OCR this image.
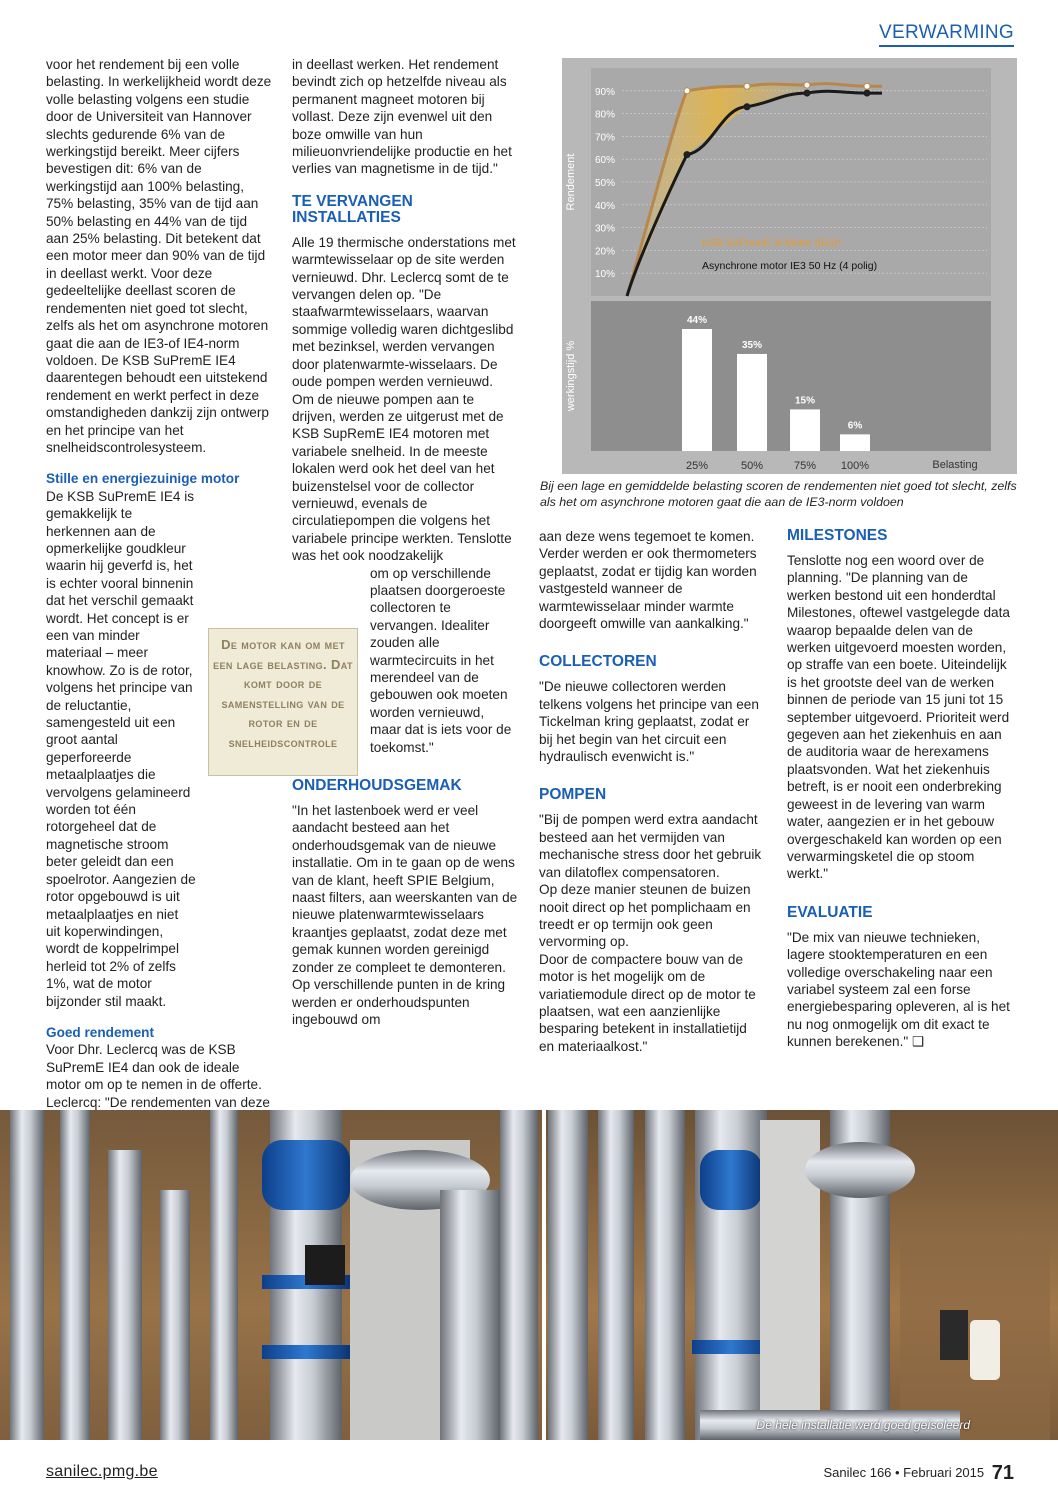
VERWARMING

voor het rendement bij een volle belasting. In werkelijkheid wordt deze volle belasting volgens een studie door de Universiteit van Hannover slechts gedurende 6% van de werkingstijd bereikt. Meer cijfers bevestigen dit: 6% van de werkingstijd aan 100% belasting, 75% belasting, 35% van de tijd aan 50% belasting en 44% van de tijd aan 25% belasting. Dit betekent dat een motor meer dan 90% van de tijd in deellast werkt. Voor deze gedeeltelijke deellast scoren de rendementen niet goed tot slecht, zelfs als het om asynchrone motoren gaat die aan de IE3-of IE4-norm voldoen. De KSB SuPremE IE4 daarentegen behoudt een uitstekend rendement en werkt perfect in deze omstandigheden dankzij zijn ontwerp en het principe van het snelheidscontrolesysteem.

Stille en energiezuinige motor

De KSB SuPremE IE4 is gemakkelijk te herkennen aan de opmerkelijke goudkleur waarin hij geverfd is, het is echter vooral binnenin dat het verschil gemaakt wordt. Het concept is er een van minder materiaal – meer knowhow. Zo is de rotor, volgens het principe van de reluctantie, samengesteld uit een groot aantal geperforeerde metaalplaatjes die vervolgens gelamineerd worden tot één rotorgeheel dat de magnetische stroom beter geleidt dan een spoelrotor. Aangezien de rotor opgebouwd is uit metaalplaatjes en niet uit koperwindingen, wordt de koppelrimpel herleid tot 2% of zelfs 1%, wat de motor bijzonder stil maakt.

Goed rendement

Voor Dhr. Leclercq was de KSB SuPremE IE4 dan ook de ideale motor om op te nemen in de offerte. Leclercq: "De rendementen van deze

De motor kan om met een lage belasting. Dat komt door de samenstelling van de rotor en de snelheidscontrole

in deellast werken. Het rendement bevindt zich op hetzelfde niveau als permanent magneet motoren bij vollast. Deze zijn evenwel uit den boze omwille van hun milieuonvriendelijke productie en het verlies van magnetisme in de tijd."

TE VERVANGEN INSTALLATIES

Alle 19 thermische onderstations met warmtewisselaar op de site werden vernieuwd. Dhr. Leclercq somt de te vervangen delen op. "De staafwarmtewisselaars, waarvan sommige volledig waren dichtgeslibd met bezinksel, werden vervangen door platenwarmte-wisselaars. De oude pompen werden vernieuwd.

Om de nieuwe pompen aan te drijven, werden ze uitgerust met de KSB SupRemE IE4 motoren met variabele snelheid. In de meeste lokalen werd ook het deel van het buizenstelsel voor de collector vernieuwd, evenals de circulatiepompen die volgens het variabele principe werkten. Tenslotte was het ook noodzakelijk

om op verschillende plaatsen doorgeroeste collectoren te vervangen. Idealiter zouden alle warmtecircuits in het merendeel van de gebouwen ook moeten worden vernieuwd, maar dat is iets voor de toekomst."

ONDERHOUDSGEMAK

"In het lastenboek werd er veel aandacht besteed aan het onderhoudsgemak van de nieuwe installatie. Om in te gaan op de wens van de klant, heeft SPIE Belgium, naast filters, aan weerskanten van de nieuwe platenwarmtewisselaars kraantjes geplaatst, zodat deze met gemak kunnen worden gereinigd zonder ze compleet te demonteren. Op verschillende punten in de kring werden er onderhoudspunten ingebouwd om

10%
20%
30%
40%
50%
60%
70%
80%
90%
Rendement
werkingstijd %
KSB SuPremE ®-Motor (IE4)*
Asynchrone motor IE3 50 Hz (4 polig)
44%
25%
35%
50%
15%
75%
6%
100%	Belasting
Bij een lage en gemiddelde belasting scoren de rendementen niet goed tot slecht, zelfs als het om asynchrone motoren gaat die aan de IE3-norm voldoen

aan deze wens tegemoet te komen. Verder werden er ook thermometers geplaatst, zodat er tijdig kan worden vastgesteld wanneer de warmtewisselaar minder warmte doorgeeft omwille van aankalking."

COLLECTOREN

"De nieuwe collectoren werden telkens volgens het principe van een Tickelman kring geplaatst, zodat er bij het begin van het circuit een hydraulisch evenwicht is."

POMPEN

"Bij de pompen werd extra aandacht besteed aan het vermijden van mechanische stress door het gebruik van dilatoflex compensatoren.

Op deze manier steunen de buizen nooit direct op het pomplichaam en treedt er op termijn ook geen vervorming op.

Door de compactere bouw van de motor is het mogelijk om de variatiemodule direct op de motor te plaatsen, wat een aanzienlijke besparing betekent in installatietijd en materiaalkost."

MILESTONES

Tenslotte nog een woord over de planning. "De planning van de werken bestond uit een honderdtal Milestones, oftewel vastgelegde data waarop bepaalde delen van de werken uitgevoerd moesten worden, op straffe van een boete. Uiteindelijk is het grootste deel van de werken binnen de periode van 15 juni tot 15 september uitgevoerd. Prioriteit werd gegeven aan het ziekenhuis en aan de auditoria waar de herexamens plaatsvonden. Wat het ziekenhuis betreft, is er nooit een onderbreking geweest in de levering van warm water, aangezien er in het gebouw overgeschakeld kan worden op een verwarmingsketel die op stoom werkt."

EVALUATIE

"De mix van nieuwe technieken, lagere stooktemperaturen en een volledige overschakeling naar een variabel systeem zal een forse energiebesparing opleveren, al is het nu nog onmogelijk om dit exact te kunnen berekenen." ❑

De hele installatie werd goed geïsoleerd
sanilec.pmg.be	Sanilec 166 • Februari 2015 71
